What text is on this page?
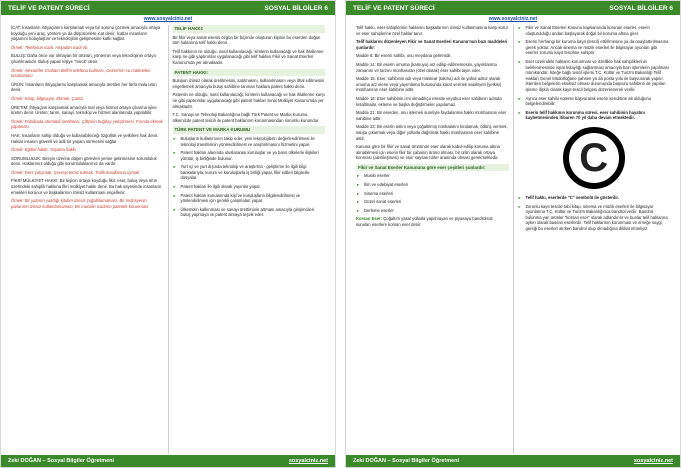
TELİF VE PATENT SÜRECİ	SOSYAL BİLGİLER 6
www.sosyalciniz.net

İCAT: İnsanların ihtiyaçlarını karşılamak veya bir sorunu çözmek amacıyla ortaya koyduğu yeni araç, yöntem ya da düşüncelere icat denir. İcatlar insanların yaşamını kolaylaştırır ve teknolojinin gelişmesine katkı sağlar.

Örnek: Telefonun icadı, Ampulün icadı vb.

BULUŞ: Daha önce var olmayan bir ürünün, yöntemin veya teknolojinin ortaya çıkarılmasıdır. Buluş yapan kişiye "mucit" denir.

Örnek: Alexander Graham Bell'in telefonu bulması, Cezeri'nin su makineleri tasarlaması

ÜRÜN: İnsanların ihtiyaçlarını karşılamak amacıyla üretilen her türlü mala ürün denir.

Örnek: Kitap, bilgisayar, Ekmek, Çanta

ÜRETİM: İhtiyaçları karşılamak amacıyla mal veya hizmet ortaya çıkarma işine üretim denir. Üretim; tarım, sanayi, teknoloji ve hizmet alanlarında yapılabilir.

Örnek: Fabrikada otomobil üretilmesi, Çiftçinin buğday yetiştirmesi, Fırında ekmek yapılması

HAK: İnsanların sahip olduğu ve kullanabileceği özgürlük ve yetkilere hak denir. Haklar insanın güvenli ve adil bir yaşam sürmesini sağlar.

Örnek: Eğitim hakkı, Yaşama hakkı

SORUMLULUK: Bireyin üzerine düşen görevleri yerine getirmesine sorumluluk denir. Haklarımız olduğu gibi sorumluluklarımız da vardır.

Örnek: Ders çalışmak, Çevreyi temiz tutmak, Trafik kurallarına uymak

FİKRİ MÜLKİYET HAKKI: Bir kişinin ortaya koyduğu fikir, eser, buluş veya ürün üzerindeki sahiplik hakkına fikri mülkiyet hakkı denir. Bu hak sayesinde insanların emekleri korunur ve başkalarının izinsiz kullanması engellenir.

Örnek: Bir yazarın yazdığı kitabın izinsiz çoğaltılamaması, Bir müzisyenin parlarının izinsiz kullanılamaması, Bir mucidin icadının patentle korunması

TELİF HAKKI:

Bir fikir veya sanat eserini özgün bir biçimde oluşturan kişinin bu eserden doğan tüm haklarına telif hakkı denir.

Telif hakkının ne olduğu, nasıl kullanılacağı, kimlerin kullanacağı ve hak ihlallerine karşı ne gibi yaptırımlar uygulanacağı gibi telif hakları Fikir ve Sanat Eserleri Kanunu'nda yer almaktadır.

PATENT HAKKI:

Buluşun izinsiz olarak üretilmesini, satılmasını, kullanılmasını veya ithal edilmesini engellemek amacıyla buluş sahibine tanınan haklara patent hakkı denir.

Patentin ne olduğu, nasıl kullanılacağı, kimlerin kullanacağı ve hak ihlallerine karşı ne gibi yaptırımlar uygulanacağı gibi patent hakları Sınai Mülkiyet Kanunu'nda yer almaktadır.

T.C. Sanayi ve Teknoloji Bakanlığına bağlı Türk Patent ve Marka Kurumu, ülkemizde patent tescili ile patent haklarının korunmasından sorumlu kurumdur.

TÜRK PATENT VE MARKA KURUMU

▸ Buluşların kullanımının takip eder, yeni teknolojilerin değerlendirilmesi ile teknoloji transferinin yönlendirilmesi ve araştırılmasını hizmetini yapar.

▸ Patent hakları alanında uluslararası kuruluşlar ve ya bano ülkelerle ilişkileri yürütür, iş birliğinde bulunur.

▸ Yurt içi ve yurt dışında teknoloji ve araştırma - geliştirme ile ilgili bilgi bankalarıyla, kurum ve kuruluşlarla iş birliği yapar, fikir edilen bilgilerle dosyalar.

▸ Patent hakları ile ilgili olarak yayınlar yapar.

▸ Patent hakları konularında kişi ve kuruluşların bilgilendirilmesi ve yönlendirilmesi için gerekli çalışmaları yapar.

▸ Ülkemizin kalkınması ve sanayi ürettiminin artması amacıyla girişimcileri buluş yapmaya ve patent almaya teşvik eder.

Zeki DOĞAN – Sosyal Bilgiler Öğretmeni	sosyalciniz.net
TELİF VE PATENT SÜRECİ	SOSYAL BİLGİLER 6
www.sosyalciniz.net

Telif hakkı, eser sahiplerinin haklarını başkalarının izinsiz kullanmasına karşı korur ve eser sahiplerine özel haklar tanır.

Telif haklarını düzenleyen Fikir ve Sanat Eserleri Kanunu'nun bazı maddeleri şunlardır:

Madde 8: Bir eserin sahibi, onu meydana getirendir.

Madde 14: Bir eserin umuma (kamuya) arz edilip edilmemesini, yayımlanma zamanını ve tarzını münhasıran (özel olarak) eser sahibi tayin eder.

Madde 15: Eser, sahibinin adı veya müstear (takma) adı ile yahut adsız olarak umuma arz elene veya yayımlama hususunda karar vermek salahiyeti (yetkisi) münhasıran eser sahibine aittir.

Madde 16: Eser sahibinin izni olmadıkça eserde veyahut eser sahibinin adında kısaltmalar, ekleme ve başka değiştirmeler yapılamaz.

Madde 21: Bir eserden, onu işlemek suretiyle faydalanma hakkı münhasıran eser sahibine aittir.

Madde 23: Bir eserin aslını veya çoğaltılmış nüshalarını kiralamak, ödünç vermek, satışa çıkarmak veya diğer yollarla dağıtmak hakkı münhasıran eser sahibine aittir.

Kanuna göre bir fikir ve sanat ürününün eser olarak kabul edilip koruma altına alınabilmesi için eserin fikir bir çabanın ürünü olması, bir ürün olarak ortaya konması (alenileşmesi) ve eser sayılan türler arasında olması gerekmektedir.

Fikir ve Sanat Eserler Kanununa göre eser çeşitleri şunlardır:

▸ Musiki eserler

▸ İlim ve edebiyat eserleri

▸ Sinema eserleri

▸ Güzel sanat eserleri

▸ Derleme eserler

Korsan Eser: Çoğaltım yasal yollarla yapılmayan ve piyasaya bandrolsüz sunulan eserlere korsan eser denir.

▸ Fikir ve Sanat Eserleri Kanunu kapsamında korunan eserler, eserin oluşturulduğu andan başlayarak doğal bir koruma altına girer.

▸ Eserin herhangi bir kuruma kayıt (tescil) ettirilmesine ya da onaylattırılmasına gerek yoktur. Ancak sinema ve müzik eserleri ile bilgisayar oyunları gibi eserler zorunlu kayıt tesciline sahiptir.

▸ Eser üzerindeki hakların korunması ve özellikle hak sahipliklerinin belirlenmesinde ispat kolaylığı sağlanması amacıyla bazı işlemlerin yapılması mümkündür. İsteğe bağlı tescil işlemi T.C. Kültür ve Turizm Bakanlığı Telif Hakları Genel Müdürlüğüne şahsen ya da posta yolu ile başvurarak yapılır. İstenilen belgelerin eksiksiz olması durumunda başvuru sahibine de yapılan işleme ilişkin olarak kayıt-tescil belgesi düzenlenerek verilir.

▸ Ayrıca eser sahibi noterse başvurarak eserin kendisine ait olduğunu belgelendirebilir.

▸ Eserin telif hakkının korunma süresi, eser sahibinin hayatını kaybetmesinden itibaren 70 yıl daha devam etmektedir.

C

▸ Telif hakkı, eserlerde "C" sembolü ile gösterilir.

▸ Zorunlu kayıt tescile tabi kitap, sinema ve müzik eserleri ile bilgisayar oyunlarına T.C. Kültür ve Turizm Bakanlığınca bandrol verilir. Bandrol bulunma yan ürünler "korsan eser" olarak adlandırılır ve bunlar telif haklarına aykırı olarak basılan eserlerdir. Telif haklarının korunması ve emeğe saygı gereği bu eserleri alırken bandrol olup olmadığına dikkat etmeliyiz.

Zeki DOĞAN – Sosyal Bilgiler Öğretmeni	sosyalciniz.net
